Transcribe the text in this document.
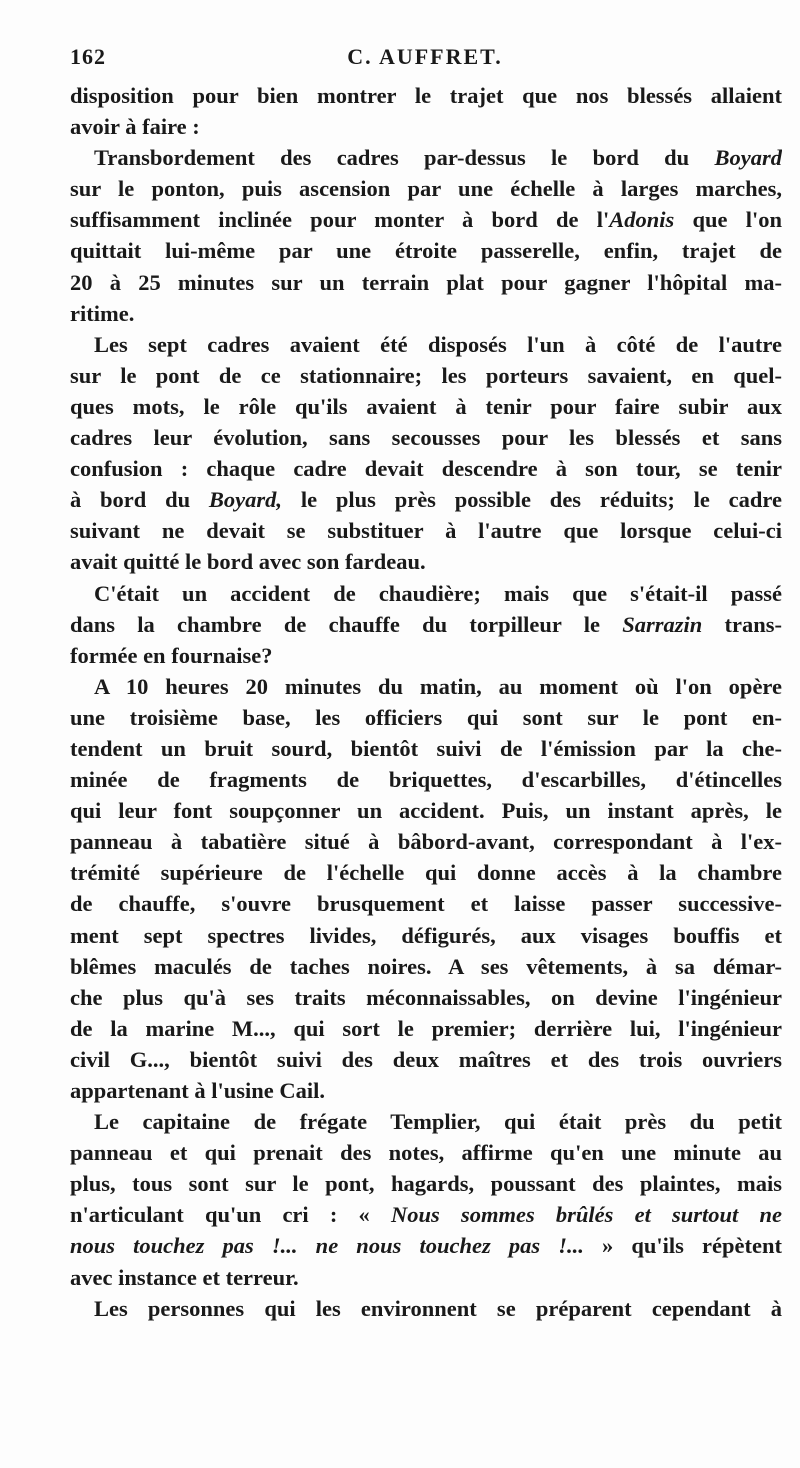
162	C. AUFFRET.
disposition pour bien montrer le trajet que nos blessés allaient
avoir à faire :
Transbordement des cadres par-dessus le bord du Boyard
sur le ponton, puis ascension par une échelle à larges marches,
suffisamment inclinée pour monter à bord de l'Adonis que l'on
quittait lui-même par une étroite passerelle, enfin, trajet de
20 à 25 minutes sur un terrain plat pour gagner l'hôpital ma-
ritime.
Les sept cadres avaient été disposés l'un à côté de l'autre
sur le pont de ce stationnaire; les porteurs savaient, en quel-
ques mots, le rôle qu'ils avaient à tenir pour faire subir aux
cadres leur évolution, sans secousses pour les blessés et sans
confusion : chaque cadre devait descendre à son tour, se tenir
à bord du Boyard, le plus près possible des réduits; le cadre
suivant ne devait se substituer à l'autre que lorsque celui-ci
avait quitté le bord avec son fardeau.
C'était un accident de chaudière; mais que s'était-il passé
dans la chambre de chauffe du torpilleur le Sarrazin trans-
formée en fournaise?
A 10 heures 20 minutes du matin, au moment où l'on opère
une troisième base, les officiers qui sont sur le pont en-
tendent un bruit sourd, bientôt suivi de l'émission par la che-
minée de fragments de briquettes, d'escarbilles, d'étincelles
qui leur font soupçonner un accident. Puis, un instant après, le
panneau à tabatière situé à bâbord-avant, correspondant à l'ex-
trémité supérieure de l'échelle qui donne accès à la chambre
de chauffe, s'ouvre brusquement et laisse passer successive-
ment sept spectres livides, défigurés, aux visages bouffis et
blêmes maculés de taches noires. A ses vêtements, à sa démar-
che plus qu'à ses traits méconnaissables, on devine l'ingénieur
de la marine M..., qui sort le premier; derrière lui, l'ingénieur
civil G..., bientôt suivi des deux maîtres et des trois ouvriers
appartenant à l'usine Cail.
Le capitaine de frégate Templier, qui était près du petit
panneau et qui prenait des notes, affirme qu'en une minute au
plus, tous sont sur le pont, hagards, poussant des plaintes, mais
n'articulant qu'un cri : « Nous sommes brûlés et surtout ne
nous touchez pas !... ne nous touchez pas !... » qu'ils répètent
avec instance et terreur.
Les personnes qui les environnent se préparent cependant à
